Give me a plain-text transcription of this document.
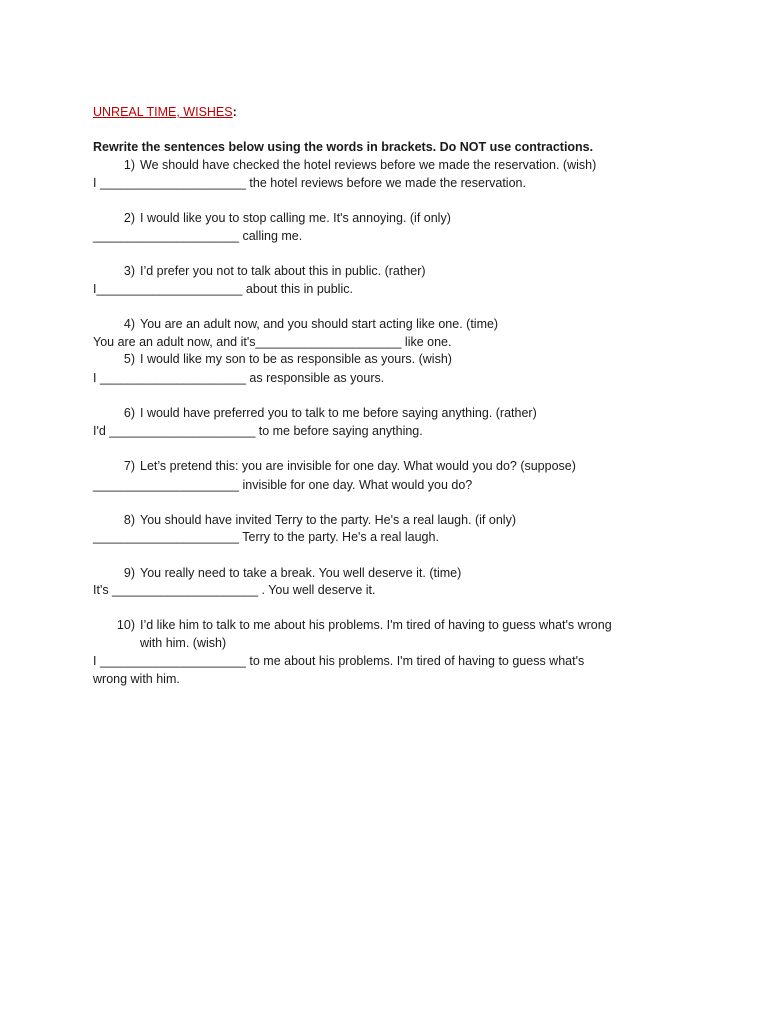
UNREAL TIME, WISHES:
Rewrite the sentences below using the words in brackets. Do NOT use contractions.
1) We should have checked the hotel reviews before we made the reservation. (wish)
I _____________________ the hotel reviews before we made the reservation.
2) I would like you to stop calling me. It's annoying. (if only)
_____________________ calling me.
3) I’d prefer you not to talk about this in public. (rather)
I_____________________ about this in public.
4) You are an adult now, and you should start acting like one. (time)
You are an adult now, and it's_____________________ like one.
5) I would like my son to be as responsible as yours. (wish)
I _____________________ as responsible as yours.
6) I would have preferred you to talk to me before saying anything. (rather)
I'd _____________________ to me before saying anything.
7) Let’s pretend this: you are invisible for one day. What would you do? (suppose)
_____________________ invisible for one day. What would you do?
8) You should have invited Terry to the party. He's a real laugh. (if only)
_____________________ Terry to the party. He's a real laugh.
9) You really need to take a break. You well deserve it. (time)
It's _____________________ . You well deserve it.
10) I’d like him to talk to me about his problems. I'm tired of having to guess what's wrong
with him. (wish)
I _____________________ to me about his problems. I'm tired of having to guess what's
wrong with him.
